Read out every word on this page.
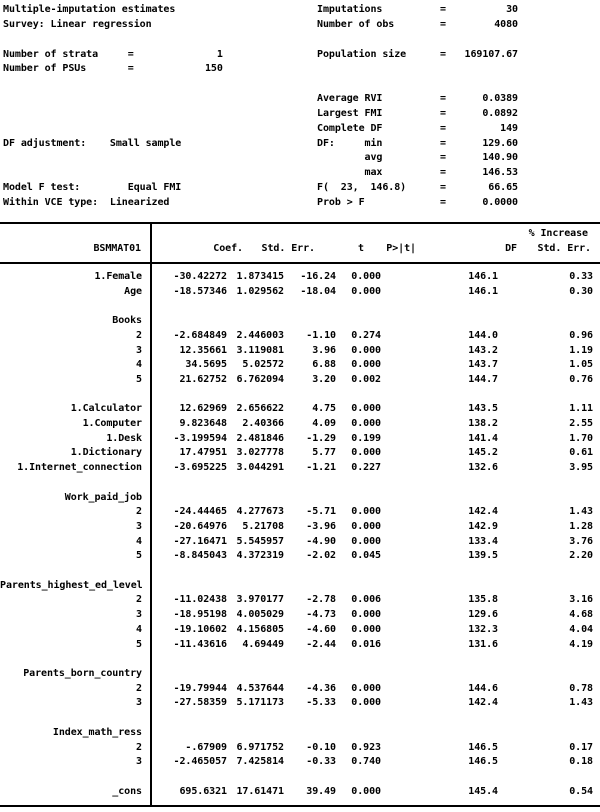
Multiple-imputation estimates	Imputations	=	30
Survey: Linear regression	Number of obs	=	4080
Number of strata     =              1	Population size	=	169107.67
Number of PSUs       =            150
Average RVI	=	0.0389
Largest FMI	=	0.0892
Complete DF	=	149
DF adjustment:    Small sample	DF:     min	=	129.60
avg	=	140.90
max	=	146.53
Model F test:        Equal FMI	F(  23,  146.8)	=	66.65
Within VCE type:  Linearized	Prob > F	=	0.0000
% Increase
BSMMAT01	Coef. Std. Err.	t P>|t|	DF Std. Err.
1.Female	-30.42272 1.873415	-16.24	0.000	146.1	0.33
Age	-18.57346 1.029562	-18.04	0.000	146.1	0.30
Books
2	-2.684849 2.446003	-1.10	0.274	144.0	0.96
3	12.35661 3.119081	3.96	0.000	143.2	1.19
4	34.5695	5.02572	6.88	0.000	143.7	1.05
5	21.62752 6.762094	3.20	0.002	144.7	0.76
1.Calculator	12.62969 2.656622	4.75	0.000	143.5	1.11
1.Computer	9.823648	2.40366	4.09	0.000	138.2	2.55
1.Desk	-3.199594 2.481846	-1.29	0.199	141.4	1.70
1.Dictionary	17.47951 3.027778	5.77	0.000	145.2	0.61
1.Internet_connection	-3.695225 3.044291	-1.21	0.227	132.6	3.95
Work_paid_job
2	-24.44465 4.277673	-5.71	0.000	142.4	1.43
3	-20.64976	5.21708	-3.96	0.000	142.9	1.28
4	-27.16471 5.545957	-4.90	0.000	133.4	3.76
5	-8.845043 4.372319	-2.02	0.045	139.5	2.20
Parents_highest_ed_level
2	-11.02438 3.970177	-2.78	0.006	135.8	3.16
3	-18.95198 4.005029	-4.73	0.000	129.6	4.68
4	-19.10602 4.156805	-4.60	0.000	132.3	4.04
5	-11.43616	4.69449	-2.44	0.016	131.6	4.19
Parents_born_country
2	-19.79944 4.537644	-4.36	0.000	144.6	0.78
3	-27.58359 5.171173	-5.33	0.000	142.4	1.43
Index_math_ress
2	-.67909 6.971752	-0.10	0.923	146.5	0.17
3	-2.465057 7.425814	-0.33	0.740	146.5	0.18
_cons	695.6321 17.61471	39.49	0.000	145.4	0.54
